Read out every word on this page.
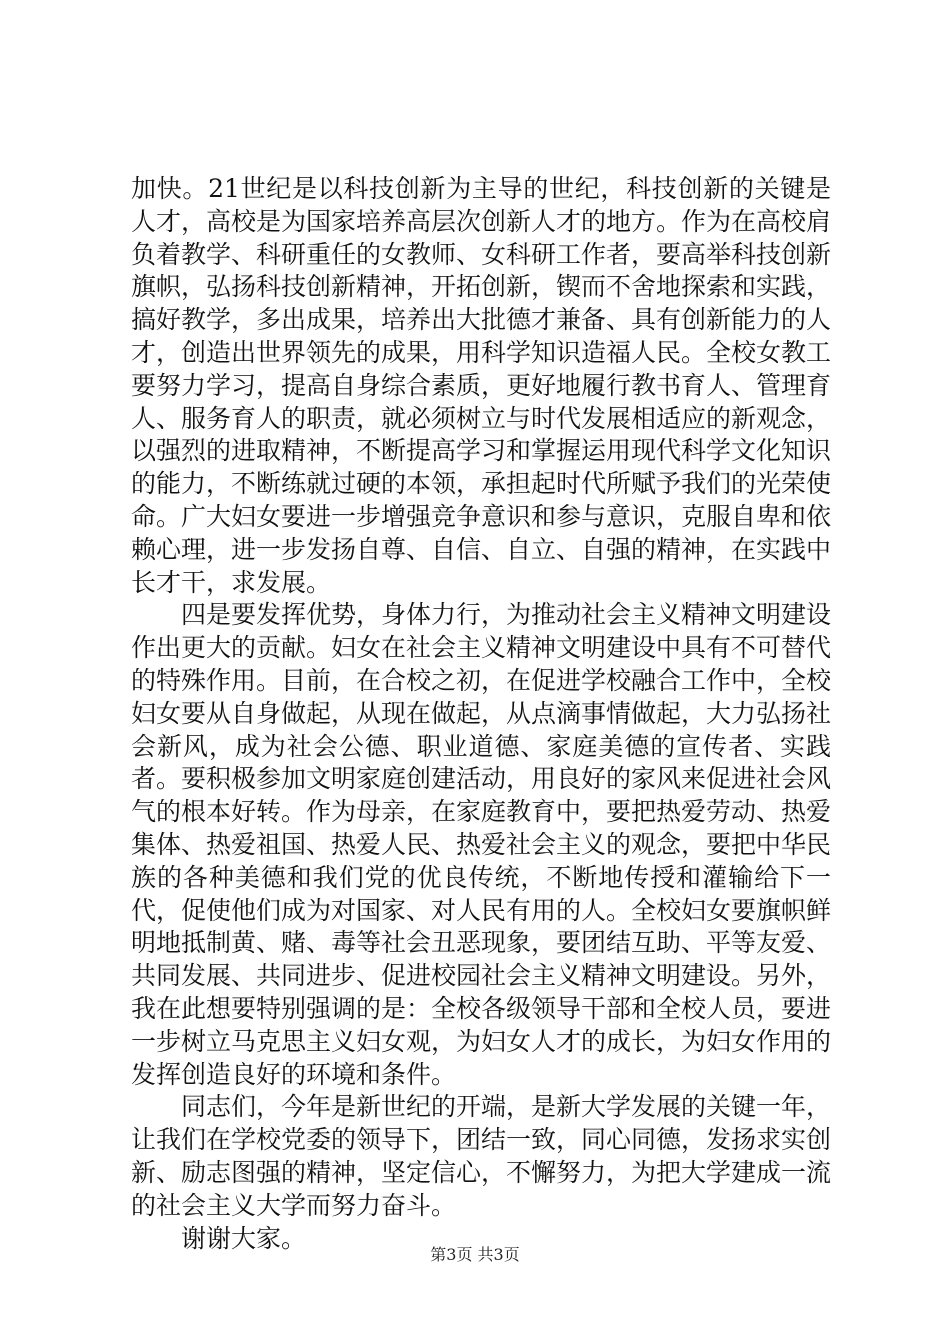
加快。21世纪是以科技创新为主导的世纪，科技创新的关键是人才，高校是为国家培养高层次创新人才的地方。作为在高校肩负着教学、科研重任的女教师、女科研工作者，要高举科技创新旗帜，弘扬科技创新精神，开拓创新，锲而不舍地探索和实践，搞好教学，多出成果，培养出大批德才兼备、具有创新能力的人才，创造出世界领先的成果，用科学知识造福人民。全校女教工要努力学习，提高自身综合素质，更好地履行教书育人、管理育人、服务育人的职责，就必须树立与时代发展相适应的新观念，以强烈的进取精神，不断提高学习和掌握运用现代科学文化知识的能力，不断练就过硬的本领，承担起时代所赋予我们的光荣使命。广大妇女要进一步增强竞争意识和参与意识，克服自卑和依赖心理，进一步发扬自尊、自信、自立、自强的精神，在实践中长才干，求发展。

四是要发挥优势，身体力行，为推动社会主义精神文明建设作出更大的贡献。妇女在社会主义精神文明建设中具有不可替代的特殊作用。目前，在合校之初，在促进学校融合工作中，全校妇女要从自身做起，从现在做起，从点滴事情做起，大力弘扬社会新风，成为社会公德、职业道德、家庭美德的宣传者、实践者。要积极参加文明家庭创建活动，用良好的家风来促进社会风气的根本好转。作为母亲，在家庭教育中，要把热爱劳动、热爱集体、热爱祖国、热爱人民、热爱社会主义的观念，要把中华民族的各种美德和我们党的优良传统，不断地传授和灌输给下一代，促使他们成为对国家、对人民有用的人。全校妇女要旗帜鲜明地抵制黄、赌、毒等社会丑恶现象，要团结互助、平等友爱、共同发展、共同进步、促进校园社会主义精神文明建设。另外，我在此想要特别强调的是：全校各级领导干部和全校人员，要进一步树立马克思主义妇女观，为妇女人才的成长，为妇女作用的发挥创造良好的环境和条件。

同志们，今年是新世纪的开端，是新大学发展的关键一年，让我们在学校党委的领导下，团结一致，同心同德，发扬求实创新、励志图强的精神，坚定信心，不懈努力，为把大学建成一流的社会主义大学而努力奋斗。

谢谢大家。

第3页 共3页
